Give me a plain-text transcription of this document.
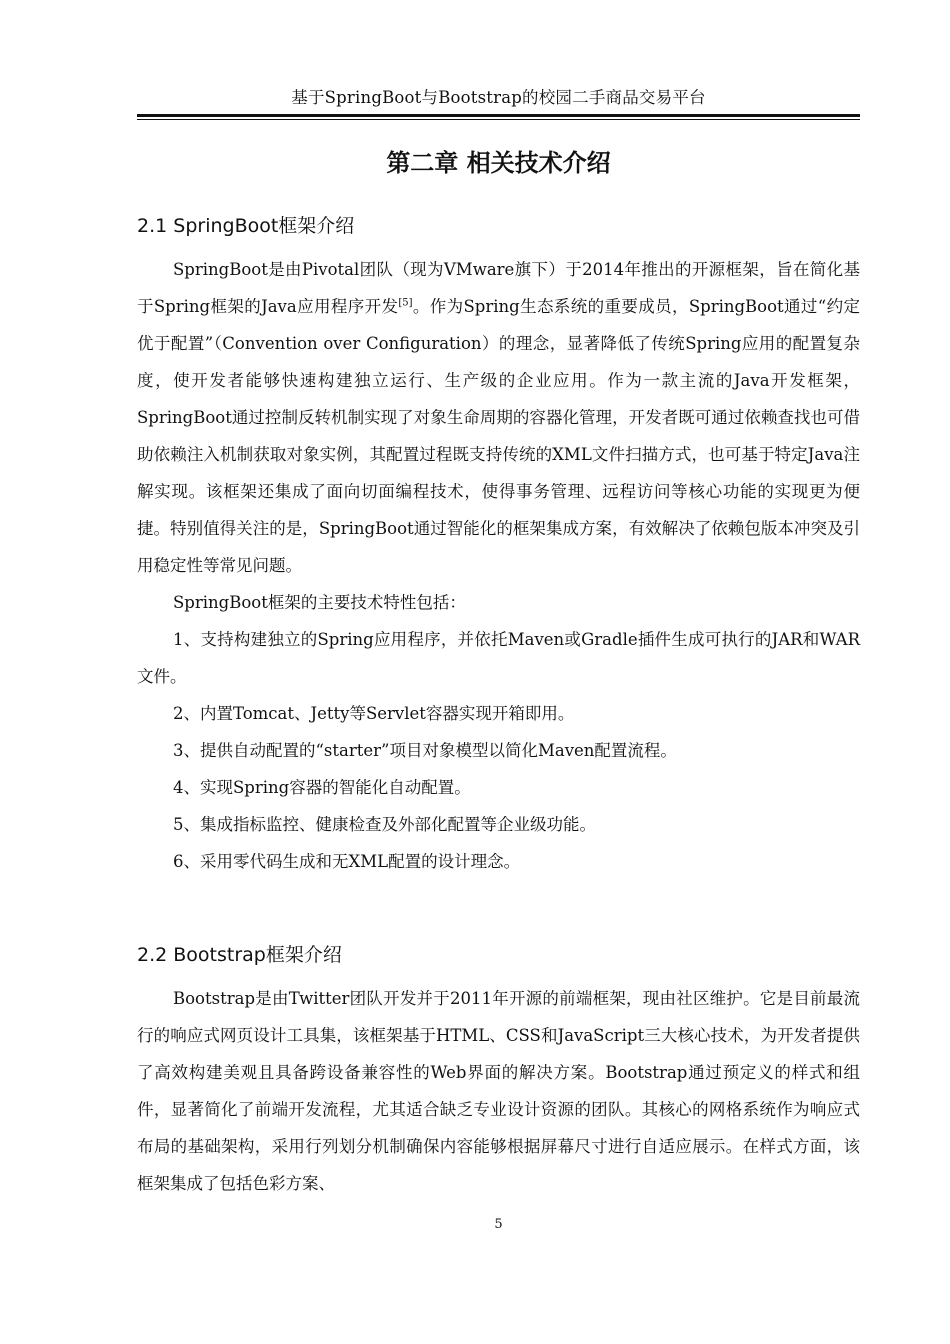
基于SpringBoot与Bootstrap的校园二手商品交易平台
第二章 相关技术介绍
2.1 SpringBoot框架介绍

SpringBoot是由Pivotal团队（现为VMware旗下）于2014年推出的开源框架，旨在简化基于Spring框架的Java应用程序开发[5]。作为Spring生态系统的重要成员，SpringBoot通过“约定优于配置”（Convention over Configuration）的理念，显著降低了传统Spring应用的配置复杂度，使开发者能够快速构建独立运行、生产级的企业应用。作为一款主流的Java开发框架，SpringBoot通过控制反转机制实现了对象生命周期的容器化管理，开发者既可通过依赖查找也可借助依赖注入机制获取对象实例，其配置过程既支持传统的XML文件扫描方式，也可基于特定Java注解实现。该框架还集成了面向切面编程技术，使得事务管理、远程访问等核心功能的实现更为便捷。特别值得关注的是，SpringBoot通过智能化的框架集成方案，有效解决了依赖包版本冲突及引用稳定性等常见问题。

SpringBoot框架的主要技术特性包括：

1、支持构建独立的Spring应用程序，并依托Maven或Gradle插件生成可执行的JAR和WAR文件。

2、内置Tomcat、Jetty等Servlet容器实现开箱即用。

3、提供自动配置的“starter”项目对象模型以简化Maven配置流程。

4、实现Spring容器的智能化自动配置。

5、集成指标监控、健康检查及外部化配置等企业级功能。

6、采用零代码生成和无XML配置的设计理念。

2.2 Bootstrap框架介绍

Bootstrap是由Twitter团队开发并于2011年开源的前端框架，现由社区维护。它是目前最流行的响应式网页设计工具集，该框架基于HTML、CSS和JavaScript三大核心技术，为开发者提供了高效构建美观且具备跨设备兼容性的Web界面的解决方案。Bootstrap通过预定义的样式和组件，显著简化了前端开发流程，尤其适合缺乏专业设计资源的团队。其核心的网格系统作为响应式布局的基础架构，采用行列划分机制确保内容能够根据屏幕尺寸进行自适应展示。在样式方面，该框架集成了包括色彩方案、

5
